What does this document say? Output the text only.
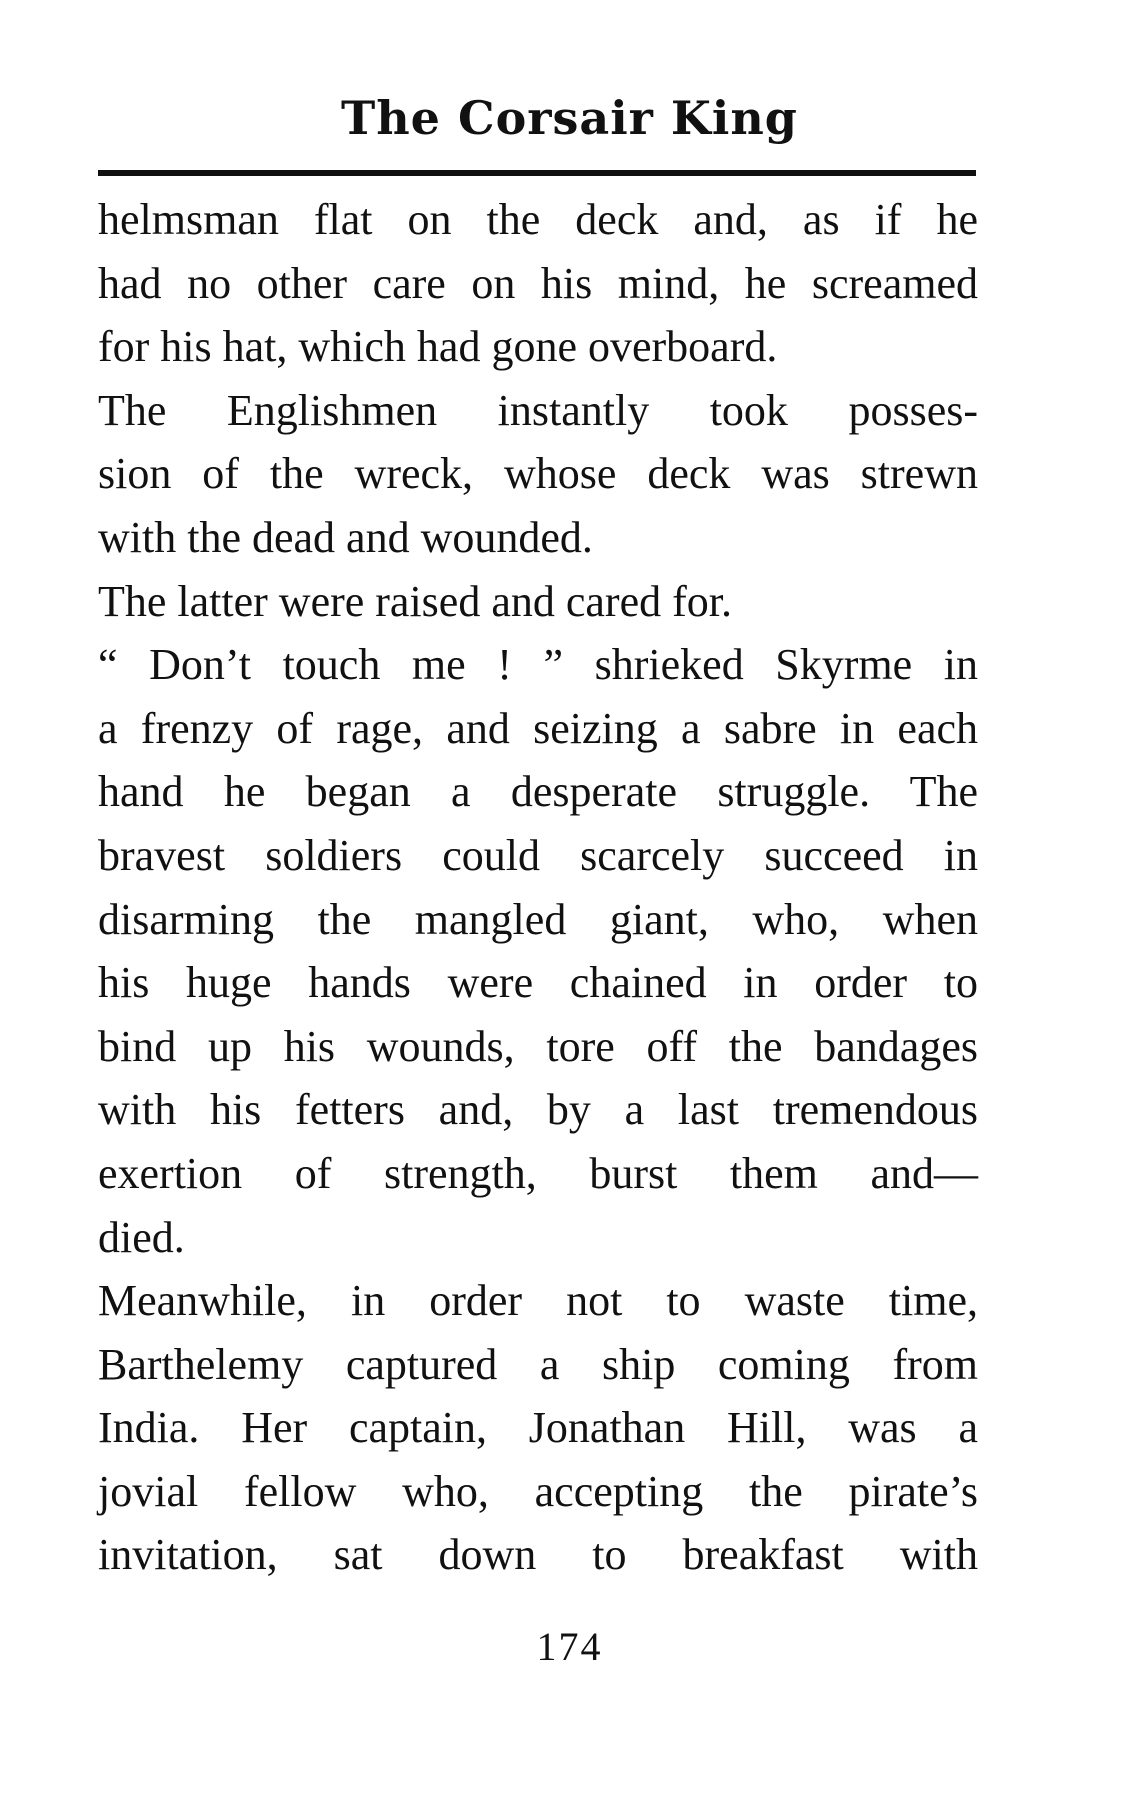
The Corsair King
helmsman flat on the deck and, as if he
had no other care on his mind, he screamed
for his hat, which had gone overboard.
The Englishmen instantly took posses-
sion of the wreck, whose deck was strewn
with the dead and wounded.
The latter were raised and cared for.
“ Don’t touch me ! ” shrieked Skyrme in
a frenzy of rage, and seizing a sabre in each
hand he began a desperate struggle. The
bravest soldiers could scarcely succeed in
disarming the mangled giant, who, when
his huge hands were chained in order to
bind up his wounds, tore off the bandages
with his fetters and, by a last tremendous
exertion of strength, burst them and—
died.
Meanwhile, in order not to waste time,
Barthelemy captured a ship coming from
India. Her captain, Jonathan Hill, was a
jovial fellow who, accepting the pirate’s
invitation, sat down to breakfast with
174
